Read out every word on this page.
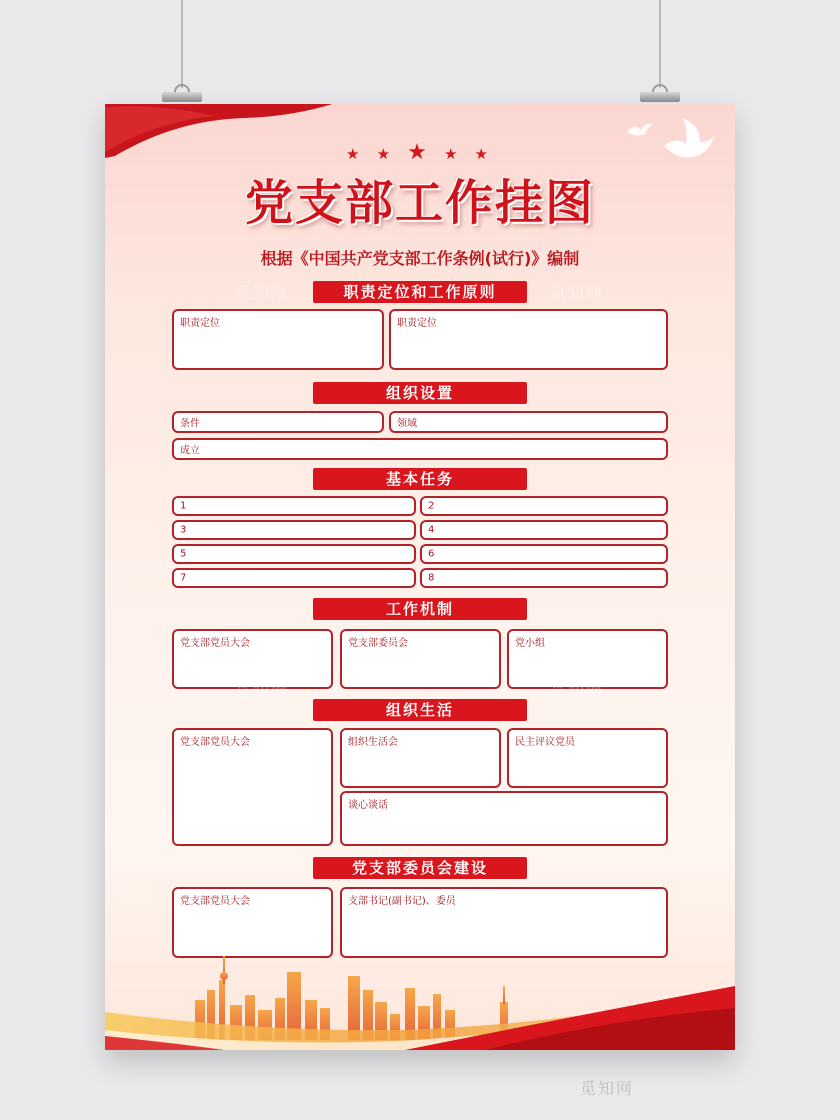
★ ★ ★ ★ ★
党支部工作挂图
根据《中国共产党支部工作条例(试行)》编制
职责定位和工作原则
职责定位	职责定位
组织设置
条件	领域
成立
基本任务
1	2
3	4
5	6
7	8
工作机制
党支部党员大会	党支部委员会	党小组
组织生活
党支部党员大会	组织生活会	民主评议党员
谈心谈话
党支部委员会建设
党支部党员大会	支部书记(副书记)、委员
觅知网	觅知网
觅知网	觅知网
觅知网
